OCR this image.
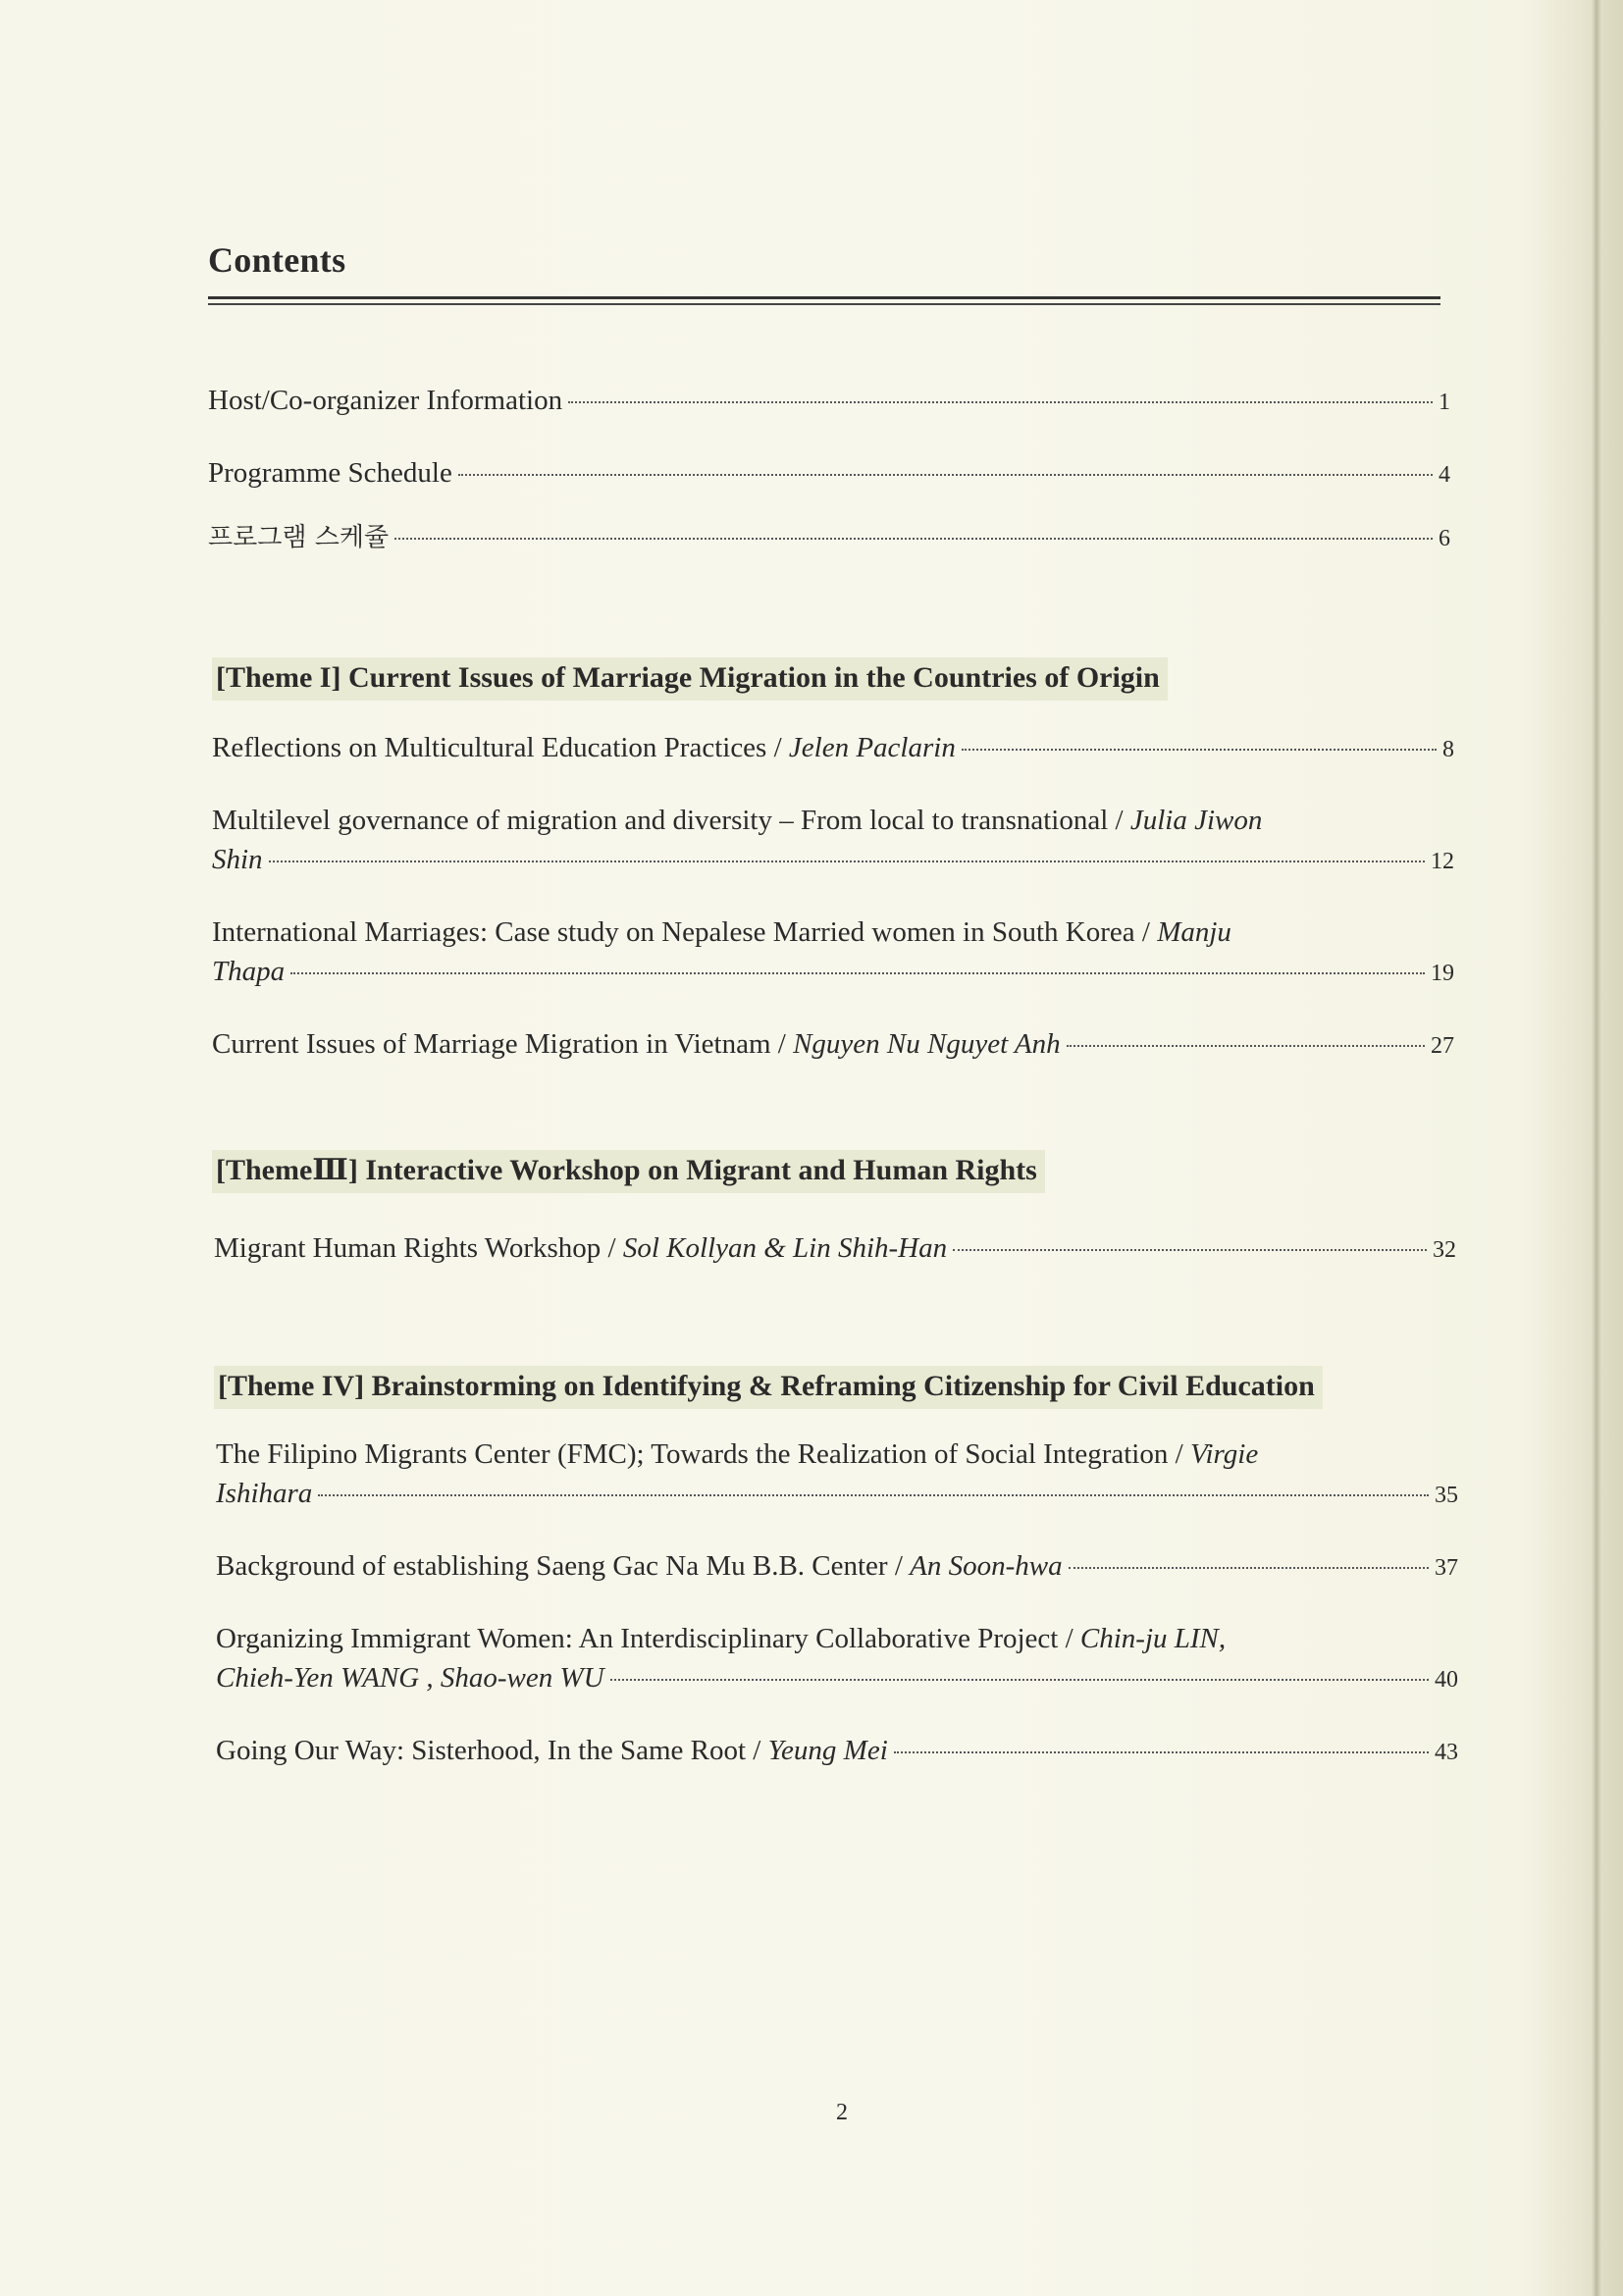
Contents
Host/Co-organizer Information	1
Programme Schedule	4
프로그램 스케쥴	6
[Theme I] Current Issues of Marriage Migration in the Countries of Origin
Reflections on Multicultural Education Practices / Jelen Paclarin	8
Multilevel governance of migration and diversity – From local to transnational / Julia Jiwon
Shin	12
International Marriages: Case study on Nepalese Married women in South Korea / Manju
Thapa	19
Current Issues of Marriage Migration in Vietnam / Nguyen Nu Nguyet Anh	27
[ThemeⅢ] Interactive Workshop on Migrant and Human Rights
Migrant Human Rights Workshop / Sol Kollyan & Lin Shih-Han	32
[Theme IV] Brainstorming on Identifying & Reframing Citizenship for Civil Education
The Filipino Migrants Center (FMC); Towards the Realization of Social Integration / Virgie
Ishihara	35
Background of establishing Saeng Gac Na Mu B.B. Center / An Soon-hwa	37
Organizing Immigrant Women: An Interdisciplinary Collaborative Project / Chin-ju LIN,
Chieh-Yen WANG , Shao-wen WU	40
Going Our Way: Sisterhood, In the Same Root / Yeung Mei	43
2
